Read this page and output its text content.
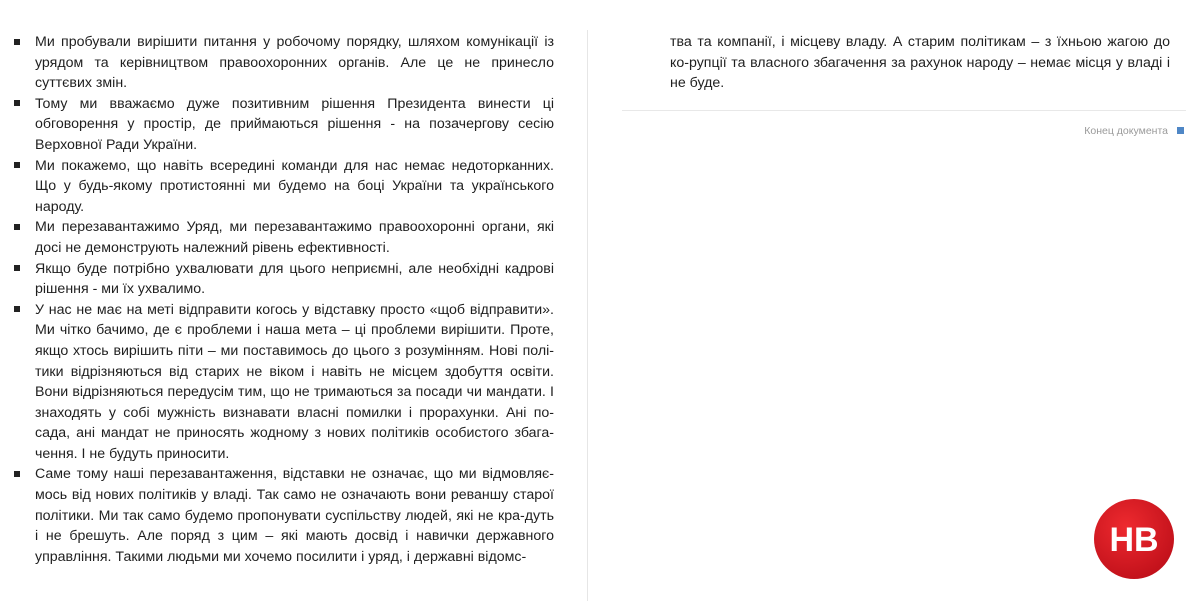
Ми пробували вирішити питання у робочому порядку, шляхом комунікації із урядом та керівництвом правоохоронних органів. Але це не принесло суттєвих змін.
Тому ми вважаємо дуже позитивним рішення Президента винести ці обговорення у простір, де приймаються рішення - на позачергову сесію Верховної Ради України.
Ми покажемо, що навіть всередині команди для нас немає недоторканних. Що у будь-якому протистоянні ми будемо на боці України та українського народу.
Ми перезавантажимо Уряд, ми перезавантажимо правоохоронні органи, які досі не демонструють належний рівень ефективності.
Якщо буде потрібно ухвалювати для цього неприємні, але необхідні кадрові рішення - ми їх ухвалимо.
У нас не має на меті відправити когось у відставку просто «щоб відправити». Ми чітко бачимо, де є проблеми і наша мета – ці проблеми вирішити. Проте, якщо хтось вирішить піти – ми поставимось до цього з розумінням. Нові полі-тики відрізняються від старих не віком і навіть не місцем здобуття освіти. Вони відрізняються передусім тим, що не тримаються за посади чи мандати. І знаходять у собі мужність визнавати власні помилки і прорахунки. Ані по-сада, ані мандат не приносять жодному з нових політиків особистого збага-чення. І не будуть приносити.
Саме тому наші перезавантаження, відставки не означає, що ми відмовляє-мось від нових політиків у владі. Так само не означають вони реваншу старої політики. Ми так само будемо пропонувати суспільству людей, які не кра-дуть і не брешуть. Але поряд з цим – які мають досвід і навички державного управління. Такими людьми ми хочемо посилити і уряд, і державні відомс-
тва та компанії, і місцеву владу. А старим політикам – з їхньою жагою до ко-рупції та власного збагачення за рахунок народу – немає місця у владі і не буде.
Конец документа
НВ
